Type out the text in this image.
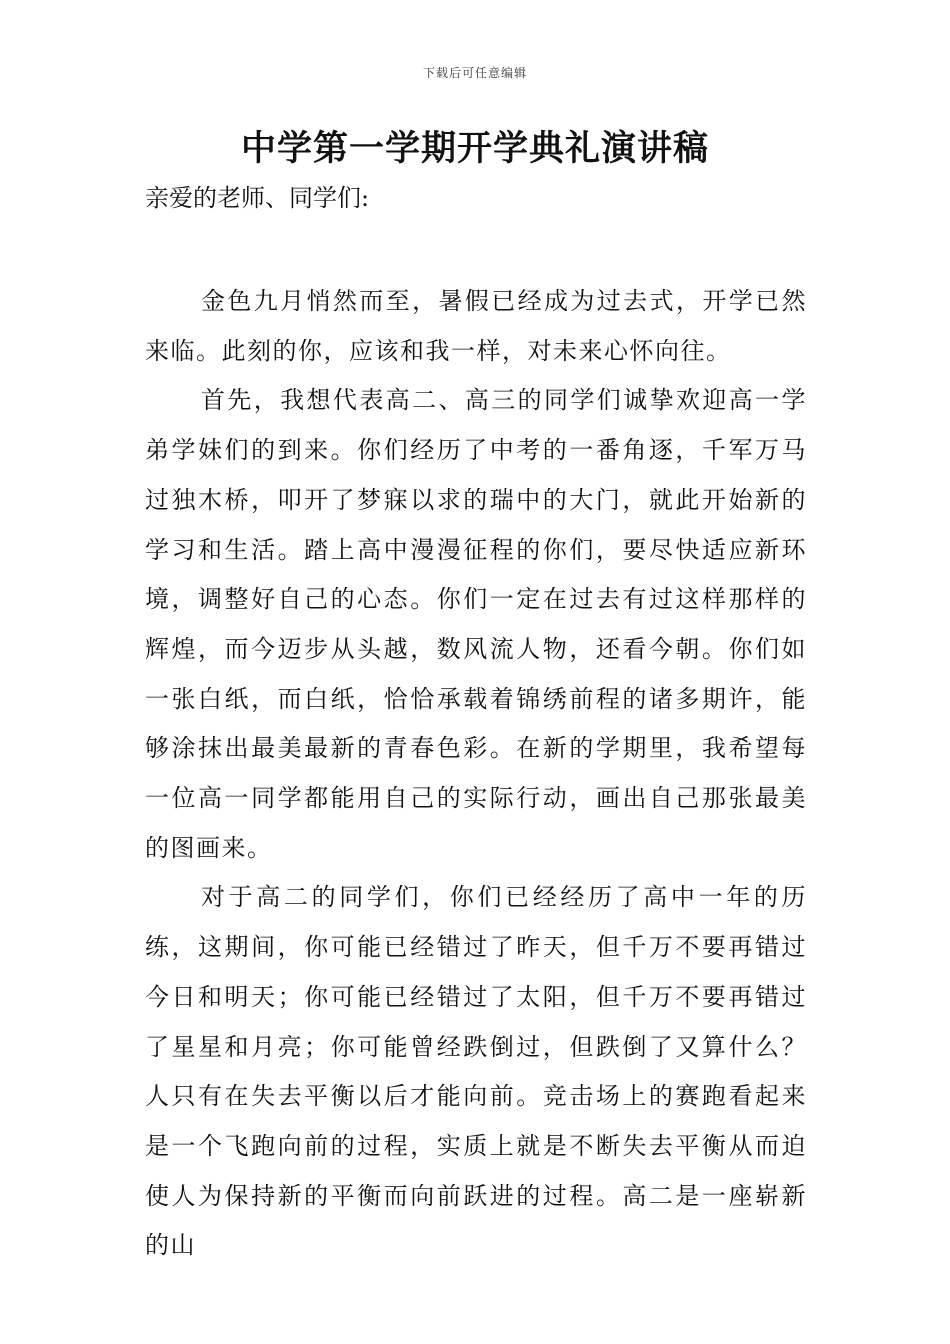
下载后可任意编辑
中学第一学期开学典礼演讲稿
亲爱的老师、同学们:

金色九月悄然而至，暑假已经成为过去式，开学已然来临。此刻的你，应该和我一样，对未来心怀向往。

首先，我想代表高二、高三的同学们诚挚欢迎高一学弟学妹们的到来。你们经历了中考的一番角逐，千军万马过独木桥，叩开了梦寐以求的瑞中的大门，就此开始新的学习和生活。踏上高中漫漫征程的你们，要尽快适应新环境，调整好自己的心态。你们一定在过去有过这样那样的辉煌，而今迈步从头越，数风流人物，还看今朝。你们如一张白纸，而白纸，恰恰承载着锦绣前程的诸多期许，能够涂抹出最美最新的青春色彩。在新的学期里，我希望每一位高一同学都能用自己的实际行动，画出自己那张最美的图画来。

对于高二的同学们，你们已经经历了高中一年的历练，这期间，你可能已经错过了昨天，但千万不要再错过今日和明天；你可能已经错过了太阳，但千万不要再错过了星星和月亮；你可能曾经跌倒过，但跌倒了又算什么？人只有在失去平衡以后才能向前。竞击场上的赛跑看起来是一个飞跑向前的过程，实质上就是不断失去平衡从而迫使人为保持新的平衡而向前跃进的过程。高二是一座崭新的山
